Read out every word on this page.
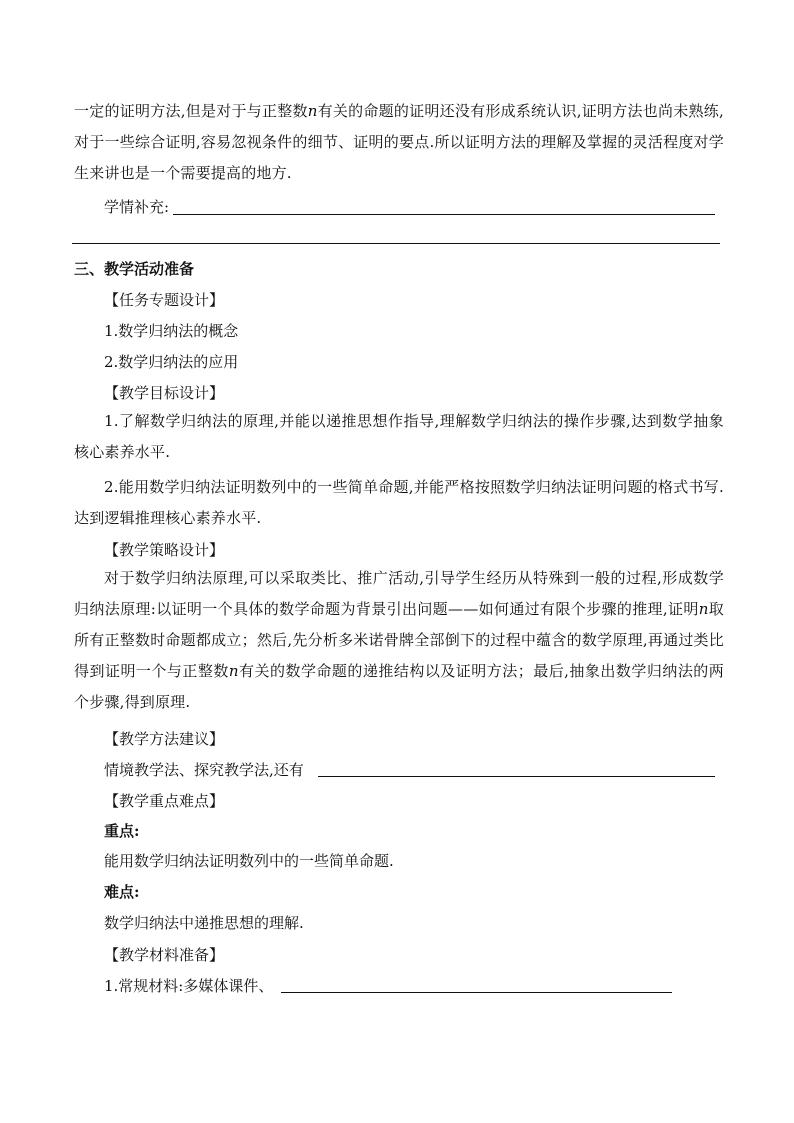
一定的证明方法,但是对于与正整数n有关的命题的证明还没有形成系统认识,证明方法也尚未熟练,对于一些综合证明,容易忽视条件的细节、证明的要点.所以证明方法的理解及掌握的灵活程度对学生来讲也是一个需要提高的地方.
学情补充:
三、教学活动准备
【任务专题设计】
1.数学归纳法的概念
2.数学归纳法的应用
【教学目标设计】
1.了解数学归纳法的原理,并能以递推思想作指导,理解数学归纳法的操作步骤,达到数学抽象核心素养水平.
2.能用数学归纳法证明数列中的一些简单命题,并能严格按照数学归纳法证明问题的格式书写.达到逻辑推理核心素养水平.
【教学策略设计】
对于数学归纳法原理,可以采取类比、推广活动,引导学生经历从特殊到一般的过程,形成数学归纳法原理:以证明一个具体的数学命题为背景引出问题——如何通过有限个步骤的推理,证明n取所有正整数时命题都成立；然后,先分析多米诺骨牌全部倒下的过程中蕴含的数学原理,再通过类比得到证明一个与正整数n有关的数学命题的递推结构以及证明方法；最后,抽象出数学归纳法的两个步骤,得到原理.
【教学方法建议】
情境教学法、探究教学法,还有
【教学重点难点】
重点:
能用数学归纳法证明数列中的一些简单命题.
难点:
数学归纳法中递推思想的理解.
【教学材料准备】
1.常规材料:多媒体课件、
